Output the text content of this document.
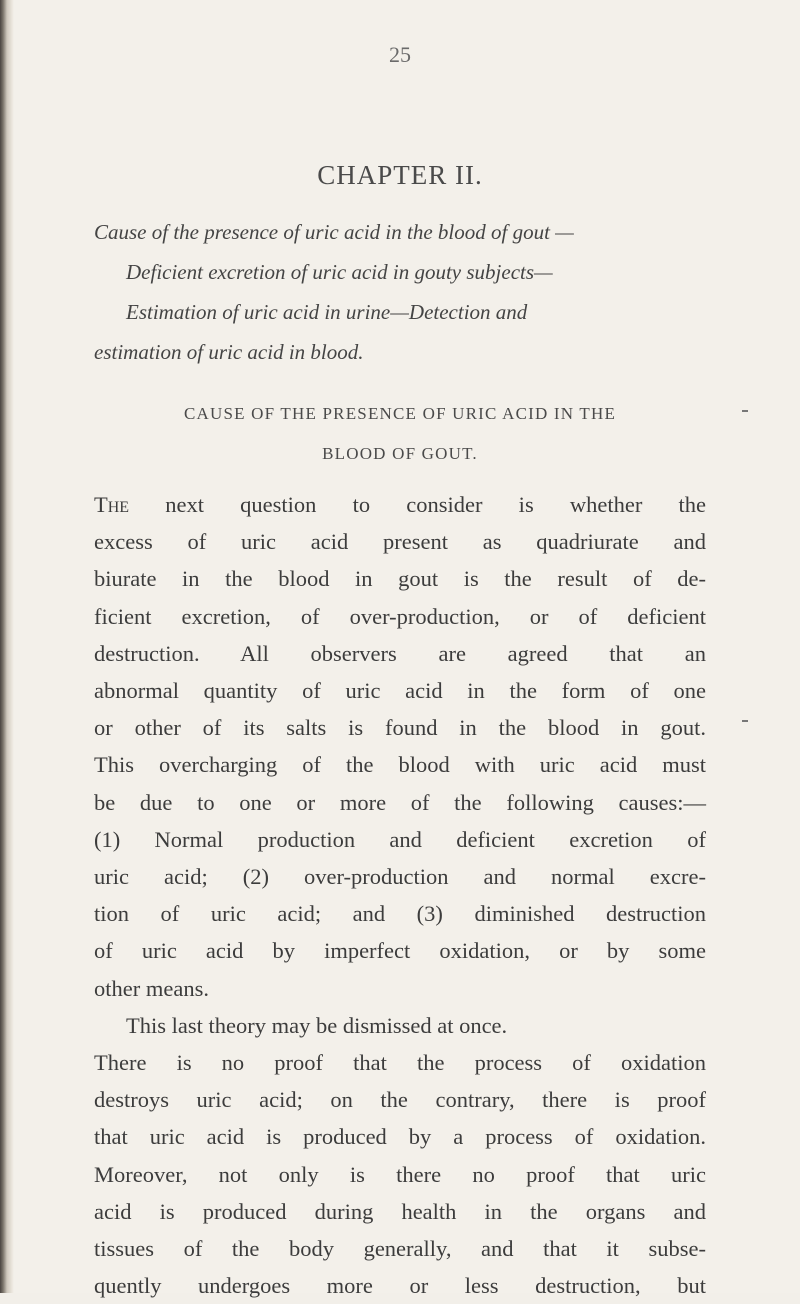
25
CHAPTER II.
Cause of the presence of uric acid in the blood of gout —
Deficient excretion of uric acid in gouty subjects—
Estimation of uric acid in urine—Detection and
estimation of uric acid in blood.
CAUSE OF THE PRESENCE OF URIC ACID IN THE
BLOOD OF GOUT.
The next question to consider is whether the
excess of uric acid present as quadriurate and
biurate in the blood in gout is the result of de-
ficient excretion, of over-production, or of deficient
destruction. All observers are agreed that an
abnormal quantity of uric acid in the form of one
or other of its salts is found in the blood in gout.
This overcharging of the blood with uric acid must
be due to one or more of the following causes:—
(1) Normal production and deficient excretion of
uric acid; (2) over-production and normal excre-
tion of uric acid; and (3) diminished destruction
of uric acid by imperfect oxidation, or by some
other means.
This last theory may be dismissed at once.
There is no proof that the process of oxidation
destroys uric acid; on the contrary, there is proof
that uric acid is produced by a process of oxidation.
Moreover, not only is there no proof that uric
acid is produced during health in the organs and
tissues of the body generally, and that it subse-
quently undergoes more or less destruction, but
